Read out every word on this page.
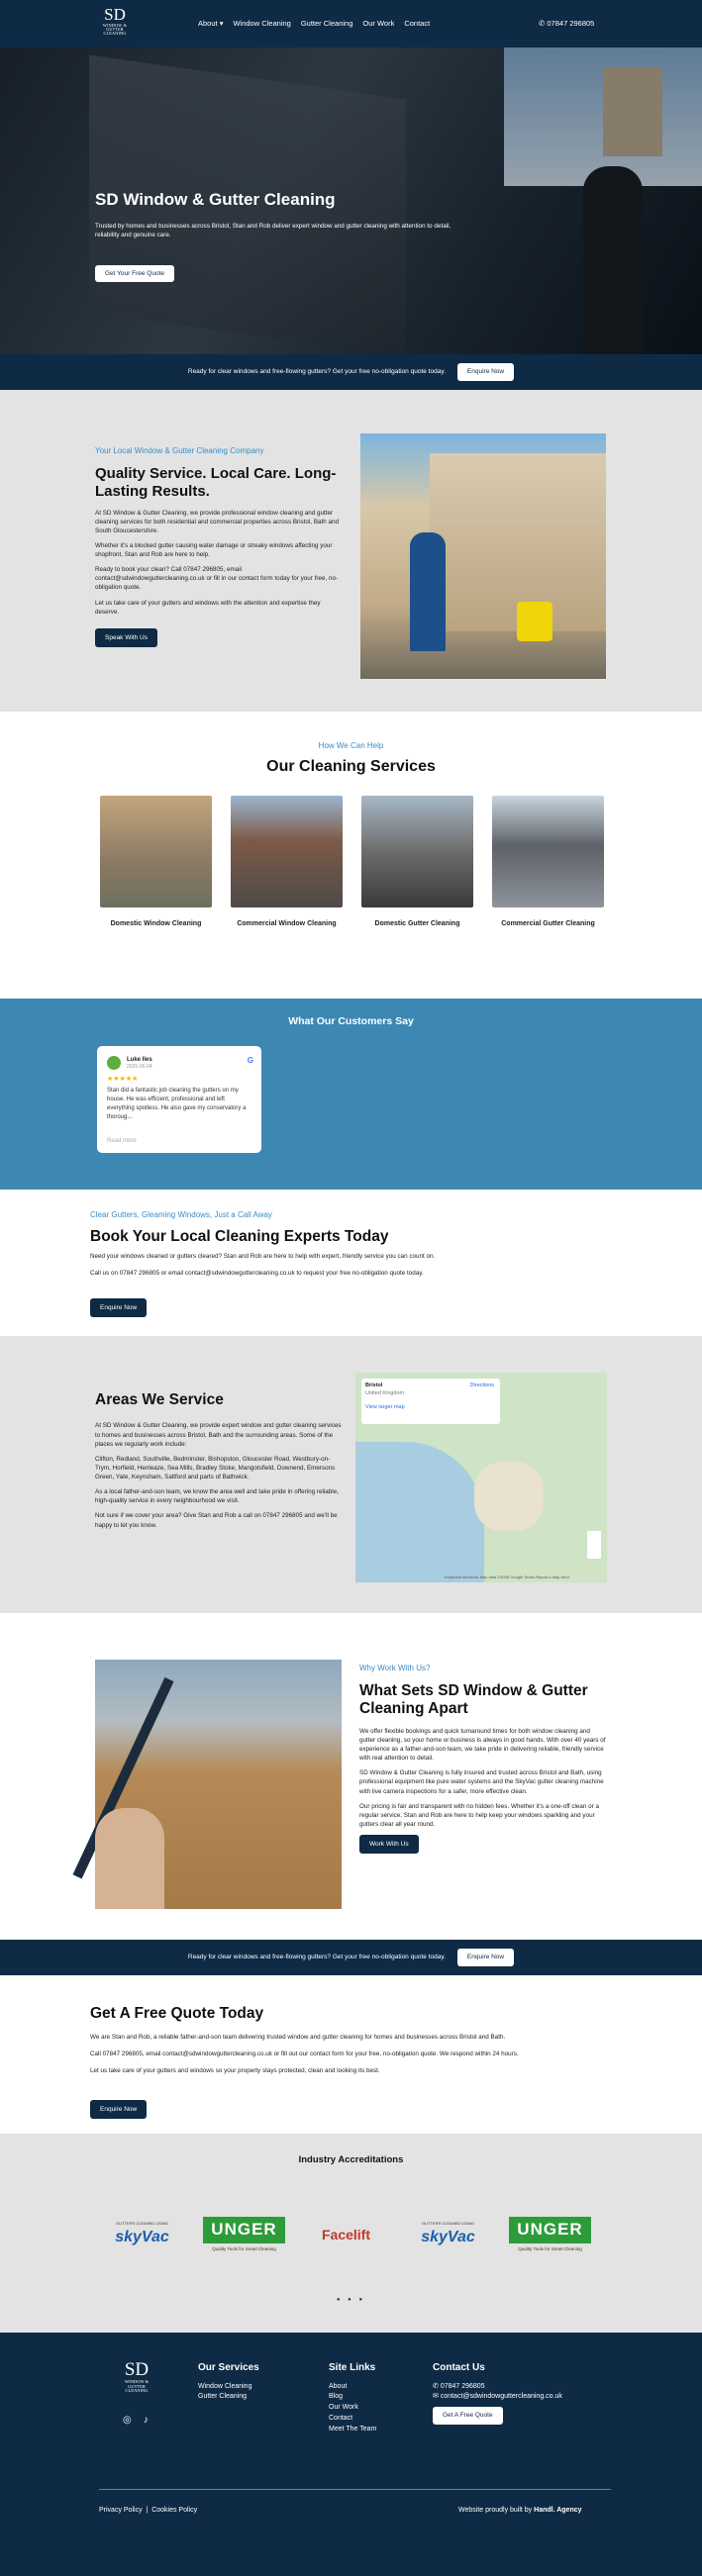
SD
WINDOW & GUTTER CLEANING
About ▾ Window Cleaning Gutter Cleaning Our Work Contact	✆ 07847 296805
SD Window & Gutter Cleaning

Trusted by homes and businesses across Bristol, Stan and Rob deliver expert window and gutter cleaning with attention to detail, reliability and genuine care.

Get Your Free Quote
Ready for clear windows and free-flowing gutters? Get your free no-obligation quote today.	Enquire Now
Your Local Window & Gutter Cleaning Company
Quality Service. Local Care. Long-Lasting Results.

At SD Window & Gutter Cleaning, we provide professional window cleaning and gutter cleaning services for both residential and commercial properties across Bristol, Bath and South Gloucestershire.

Whether it’s a blocked gutter causing water damage or streaky windows affecting your shopfront, Stan and Rob are here to help.

Ready to book your clean? Call 07847 296805, email contact@sdwindowguttercleaning.co.uk or fill in our contact form today for your free, no-obligation quote.

Let us take care of your gutters and windows with the attention and expertise they deserve.

Speak With Us
How We Can Help
Our Cleaning Services
Domestic Window Cleaning	Commercial Window Cleaning	Domestic Gutter Cleaning	Commercial Gutter Cleaning
What Our Customers Say
Luke Iles
2025-06-04
G
★★★★★
Stan did a fantastic job cleaning the gutters on my house. He was efficient, professional and left everything spotless. He also gave my conservatory a thoroug...
Read more
Clear Gutters, Gleaming Windows, Just a Call Away
Book Your Local Cleaning Experts Today

Need your windows cleaned or gutters cleared? Stan and Rob are here to help with expert, friendly service you can count on.

Call us on 07847 296805 or email contact@sdwindowguttercleaning.co.uk to request your free no-obligation quote today.

Enquire Now
Areas We Service

At SD Window & Gutter Cleaning, we provide expert window and gutter cleaning services to homes and businesses across Bristol, Bath and the surrounding areas. Some of the places we regularly work include:

Clifton, Redland, Southville, Bedminster, Bishopston, Gloucester Road, Westbury-on-Trym, Horfield, Henleaze, Sea Mills, Bradley Stoke, Mangotsfield, Downend, Emersons Green, Yate, Keynsham, Saltford and parts of Bathwick.

As a local father-and-son team, we know the area well and take pride in offering reliable, high-quality service in every neighbourhood we visit.

Not sure if we cover your area? Give Stan and Rob a call on 07847 296805 and we’ll be happy to let you know.

Bristol
United Kingdom
Directions
View larger map
Keyboard shortcuts Map data ©2025 Google Terms Report a map error
Why Work With Us?
What Sets SD Window & Gutter Cleaning Apart

We offer flexible bookings and quick turnaround times for both window cleaning and gutter cleaning, so your home or business is always in good hands. With over 40 years of experience as a father-and-son team, we take pride in delivering reliable, friendly service with real attention to detail.

SD Window & Gutter Cleaning is fully insured and trusted across Bristol and Bath, using professional equipment like pure water systems and the SkyVac gutter cleaning machine with live camera inspections for a safer, more effective clean.

Our pricing is fair and transparent with no hidden fees. Whether it’s a one-off clean or a regular service, Stan and Rob are here to help keep your windows sparkling and your gutters clear all year round.

Work With Us
Ready for clear windows and free-flowing gutters? Get your free no-obligation quote today.	Enquire Now
Get A Free Quote Today

We are Stan and Rob, a reliable father-and-son team delivering trusted window and gutter cleaning for homes and businesses across Bristol and Bath.

Call 07847 296805, email contact@sdwindowguttercleaning.co.uk or fill out our contact form for your free, no-obligation quote. We respond within 24 hours.

Let us take care of your gutters and windows so your property stays protected, clean and looking its best.

Enquire Now
Industry Accreditations
GUTTERS CLEANED USING
skyVac	UNGER
Quality Tools for Smart Cleaning
Facelift
GUTTERS CLEANED USING
skyVac	UNGER
Quality Tools for Smart Cleaning
● ● ●
SD
WINDOW & GUTTER CLEANING
◎ ♪
Our Services
Window Cleaning
Gutter Cleaning
Site Links
About
Blog
Our Work
Contact
Meet The Team
Contact Us
✆ 07847 296805
✉ contact@sdwindowguttercleaning.co.uk
Get A Free Quote
Privacy Policy | Cookies Policy	Website proudly built by Handl. Agency
